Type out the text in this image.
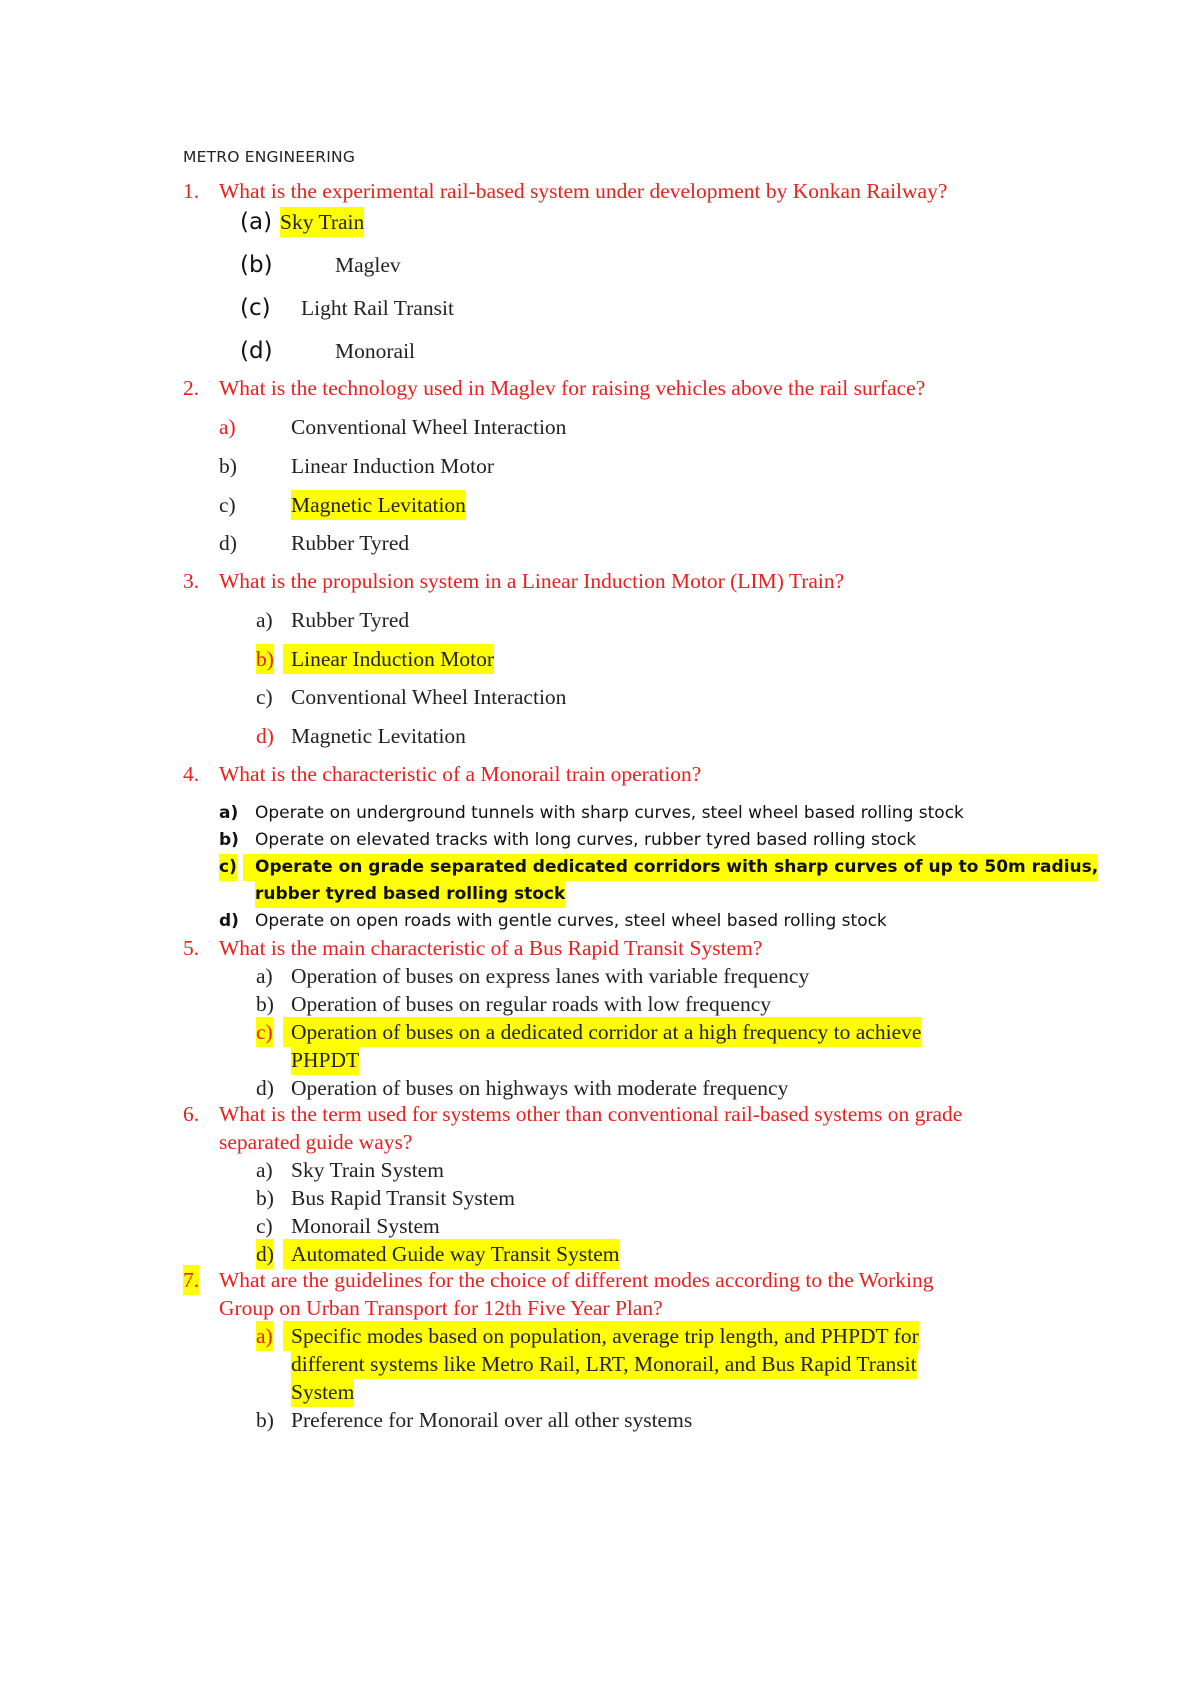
METRO ENGINEERING
1. What is the experimental rail-based system under development by Konkan Railway?
(a) Sky Train
(b)	Maglev
(c) Light Rail Transit
(d)	Monorail
2. What is the technology used in Maglev for raising vehicles above the rail surface?
a)	Conventional Wheel Interaction
b)	Linear Induction Motor
c)	Magnetic Levitation
d)	Rubber Tyred
3. What is the propulsion system in a Linear Induction Motor (LIM) Train?
a) Rubber Tyred
b) Linear Induction Motor
c) Conventional Wheel Interaction
d) Magnetic Levitation
4. What is the characteristic of a Monorail train operation?
a) Operate on underground tunnels with sharp curves, steel wheel based rolling stock
b) Operate on elevated tracks with long curves, rubber tyred based rolling stock
c)	Operate on grade separated dedicated corridors with sharp curves of up to 50m radius,
rubber tyred based rolling stock
d) Operate on open roads with gentle curves, steel wheel based rolling stock
5. What is the main characteristic of a Bus Rapid Transit System?
a) Operation of buses on express lanes with variable frequency
b) Operation of buses on regular roads with low frequency
c) Operation of buses on a dedicated corridor at a high frequency to achieve
PHPDT
d) Operation of buses on highways with moderate frequency
6. What is the term used for systems other than conventional rail-based systems on grade
separated guide ways?
a) Sky Train System
b) Bus Rapid Transit System
c) Monorail System
d) Automated Guide way Transit System
7. What are the guidelines for the choice of different modes according to the Working
Group on Urban Transport for 12th Five Year Plan?
a) Specific modes based on population, average trip length, and PHPDT for
different systems like Metro Rail, LRT, Monorail, and Bus Rapid Transit
System
b) Preference for Monorail over all other systems
